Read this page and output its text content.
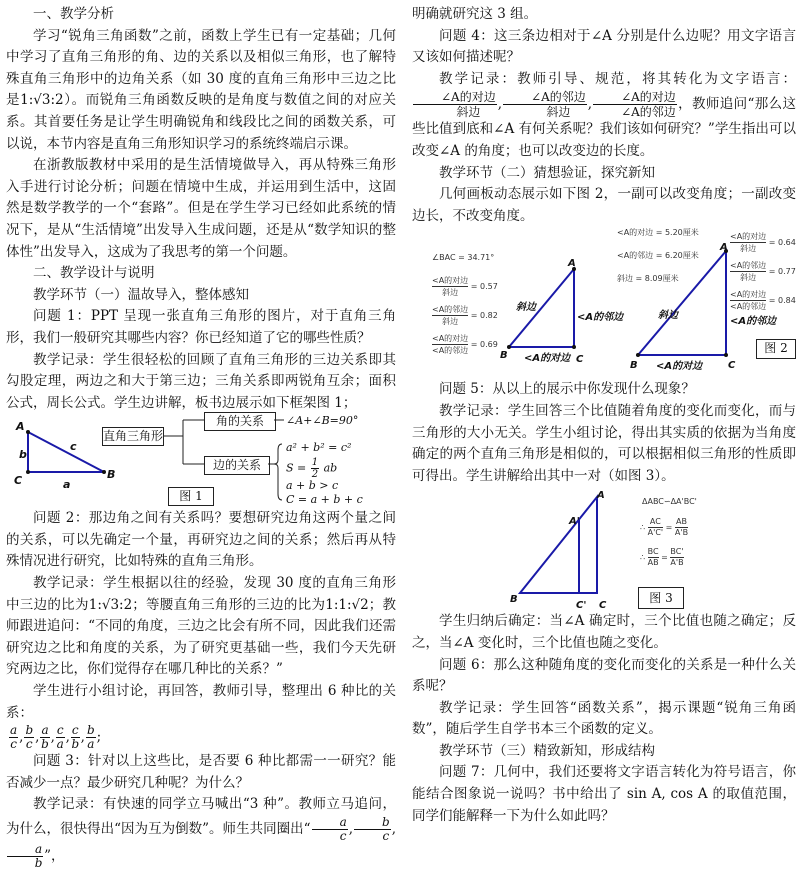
一、教学分析

学习“锐角三角函数”之前，函数上学生已有一定基础；几何中学习了直角三角形的角、边的关系以及相似三角形，也了解特殊直角三角形中的边角关系（如 30 度的直角三角形中三边之比是1:√3:2）。而锐角三角函数反映的是角度与数值之间的对应关系。其首要任务是让学生明确锐角和线段比之间的函数关系，可以说，本节内容是直角三角形知识学习的系统终端启示课。

在浙教版教材中采用的是生活情境做导入，再从特殊三角形入手进行讨论分析；问题在情境中生成，并运用到生活中，这固然是数学教学的一个“套路”。但是在学生学习已经如此系统的情况下，是从“生活情境”出发导入生成问题，还是从“数学知识的整体性”出发导入，这成为了我思考的第一个问题。

二、教学设计与说明

教学环节（一）温故导入，整体感知

问题 1：PPT 呈现一张直角三角形的图片，对于直角三角形，我们一般研究其哪些内容？你已经知道了它的哪些性质？

教学记录：学生很轻松的回顾了直角三角形的三边关系即其勾股定理，两边之和大于第三边；三角关系即两锐角互余；面积公式，周长公式。学生边讲解，板书边展示如下框架图 1；

A
C	B
b
c
a
直角三角形
角的关系
边的关系
∠A+∠B=90°
a² + b² = c²
$S = \frac{1}{2}$ ab
a + b > c
C = a + b + c
图 1

问题 2：那边角之间有关系吗？要想研究边角这两个量之间的关系，可以先确定一个量，再研究边之间的关系；然后再从特殊情况进行研究，比如特殊的直角三角形。

教学记录：学生根据以往的经验，发现 30 度的直角三角形中三边的比为1:√3:2；等腰直角三角形的三边的比为1:1:√2；教师跟进追问：“不同的角度，三边之比会有所不同，因此我们还需研究边之比和角度的关系，为了研究更基础一些，我们今天先研究两边之比，你们觉得存在哪几种比的关系？”

学生进行小组讨论，再回答，教师引导，整理出 6 种比的关系：

$\frac{a}{c}$ , $\frac{b}{c}$ , $\frac{a}{b}$ , $\frac{c}{a}$ , $\frac{c}{b}$ , $\frac{b}{a}$ ;

问题 3：针对以上这些比，是否要 6 种比都需一一研究？能否减少一点？最少研究几种呢？为什么？

教学记录：有快速的同学立马喊出“3 种”。教师立马追问，为什么，很快得出“因为互为倒数”。师生共同圈出“ $\frac{a}{c}$ , $\frac{b}{c}$ ,
$\frac{a}{b}$ ”，

明确就研究这 3 组。

问题 4：这三条边相对于∠A 分别是什么边呢？用文字语言又该如何描述呢？

教学记录：教师引导、规范，将其转化为文字语言：
∠A的对边
斜边	,	∠A的邻边
斜边	,	∠A的对边
∠A的邻边 ，教师追问“那么这些比值到底和∠A 有何关系呢？我们该如何研究？”学生指出可以改变∠A 的角度；也可以改变边的长度。

教学环节（二）猜想验证，探究新知

几何画板动态展示如下图 2，一副可以改变角度；一副改变边长，不改变角度。

∠BAC = 34.71°
<A的对边
斜边
= 0.57
<A的邻边
斜边
= 0.82
<A的对边
<A的邻边
= 0.69
<A的对边 = 5.20厘米
<A的邻边 = 6.20厘米
斜边 = 8.09厘米
<A的对边
斜边
= 0.64
<A的邻边
斜边
= 0.77
<A的对边
<A的邻边
= 0.84
A
B	C
斜边
<A的邻边
<A的对边
A
B	C
斜边
<A的邻边
<A的对边
图 2

问题 5：从以上的展示中你发现什么现象？

教学记录：学生回答三个比值随着角度的变化而变化，而与三角形的大小无关。学生小组讨论，得出其实质的依据为当角度确定的两个直角三角形是相似的，可以根据相似三角形的性质即可得出。学生讲解给出其中一对（如图 3）。

A
A'
B
C' C
ΔABC∽ΔA'BC'
∴ $\frac{AC}{A'C'} = \frac{AB}{A'B}$
∴ $\frac{BC}{AB} = \frac{BC'}{A'B}$
图 3

学生归纳后确定：当∠A 确定时，三个比值也随之确定；反之，当∠A 变化时，三个比值也随之变化。

问题 6：那么这种随角度的变化而变化的关系是一种什么关系呢？

教学记录：学生回答“函数关系”，揭示课题“锐角三角函数”，随后学生自学书本三个函数的定义。

教学环节（三）精致新知，形成结构

问题 7：几何中，我们还要将文字语言转化为符号语言，你能结合图象说一说吗？书中给出了 sin A, cos A 的取值范围，同学们能解释一下为什么如此吗？
